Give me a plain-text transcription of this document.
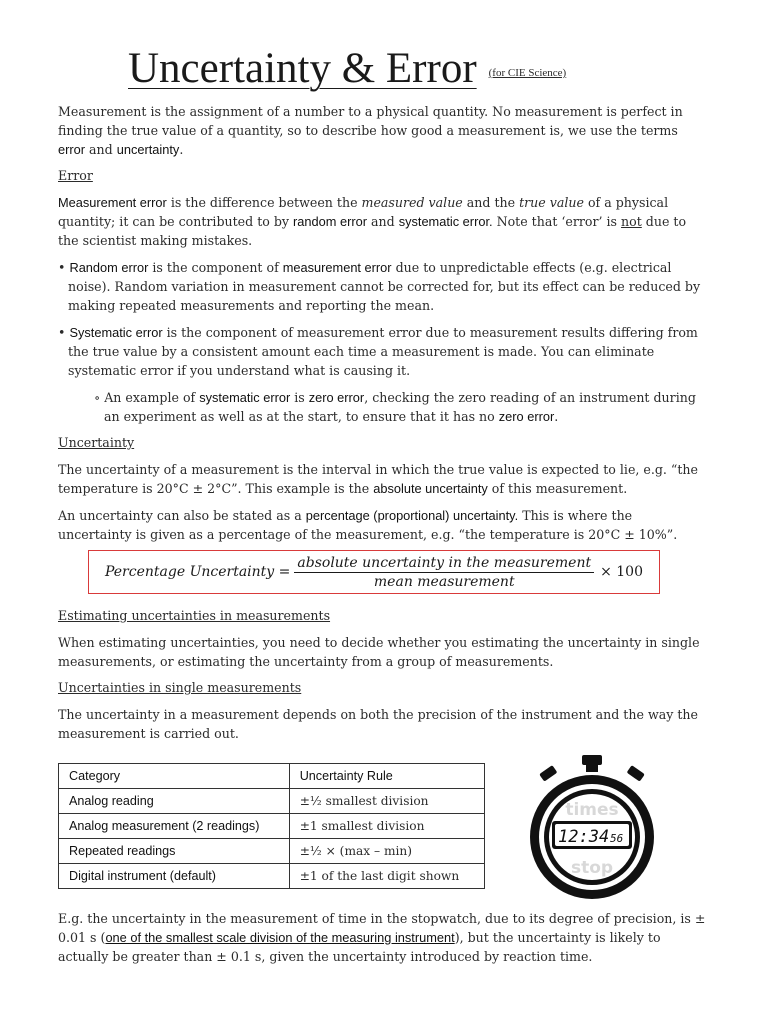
Uncertainty & Error $^{(for CIE Science)}$

Measurement is the assignment of a number to a physical quantity. No measurement is perfect in finding the true value of a quantity, so to describe how good a measurement is, we use the terms error and uncertainty.

Error

Measurement error is the difference between the measured value and the true value of a physical quantity; it can be contributed to by random error and systematic error. Note that ‘error’ is not due to the scientist making mistakes.

• Random error is the component of measurement error due to unpredictable effects (e.g. electrical noise). Random variation in measurement cannot be corrected for, but its effect can be reduced by making repeated measurements and reporting the mean.

• Systematic error is the component of measurement error due to measurement results differing from the true value by a consistent amount each time a measurement is made. You can eliminate systematic error if you understand what is causing it.

∘ An example of systematic error is zero error, checking the zero reading of an instrument during an experiment as well as at the start, to ensure that it has no zero error.

Uncertainty

The uncertainty of a measurement is the interval in which the true value is expected to lie, e.g. “the temperature is 20°C ± 2°C”. This example is the absolute uncertainty of this measurement.

An uncertainty can also be stated as a percentage (proportional) uncertainty. This is where the uncertainty is given as a percentage of the measurement, e.g. “the temperature is 20°C ± 10%”.

Percentage Uncertainty = $\frac{\text{absolute uncertainty in the measurement}}{\text{mean measurement}} \times 100$

Estimating uncertainties in measurements

When estimating uncertainties, you need to decide whether you estimating the uncertainty in single measurements, or estimating the uncertainty from a group of measurements.

Uncertainties in single measurements

The uncertainty in a measurement depends on both the precision of the instrument and the way the measurement is carried out.

Category	Uncertainty Rule
Analog reading	±½ smallest division
Analog measurement (2 readings)	±1 smallest division
Repeated readings	±½ × (max – min)
Digital instrument (default)	±1 of the last digit shown
times
stop
12:34 56

E.g. the uncertainty in the measurement of time in the stopwatch, due to its degree of precision, is ± 0.01 s (one of the smallest scale division of the measuring instrument), but the uncertainty is likely to actually be greater than ± 0.1 s, given the uncertainty introduced by reaction time.
